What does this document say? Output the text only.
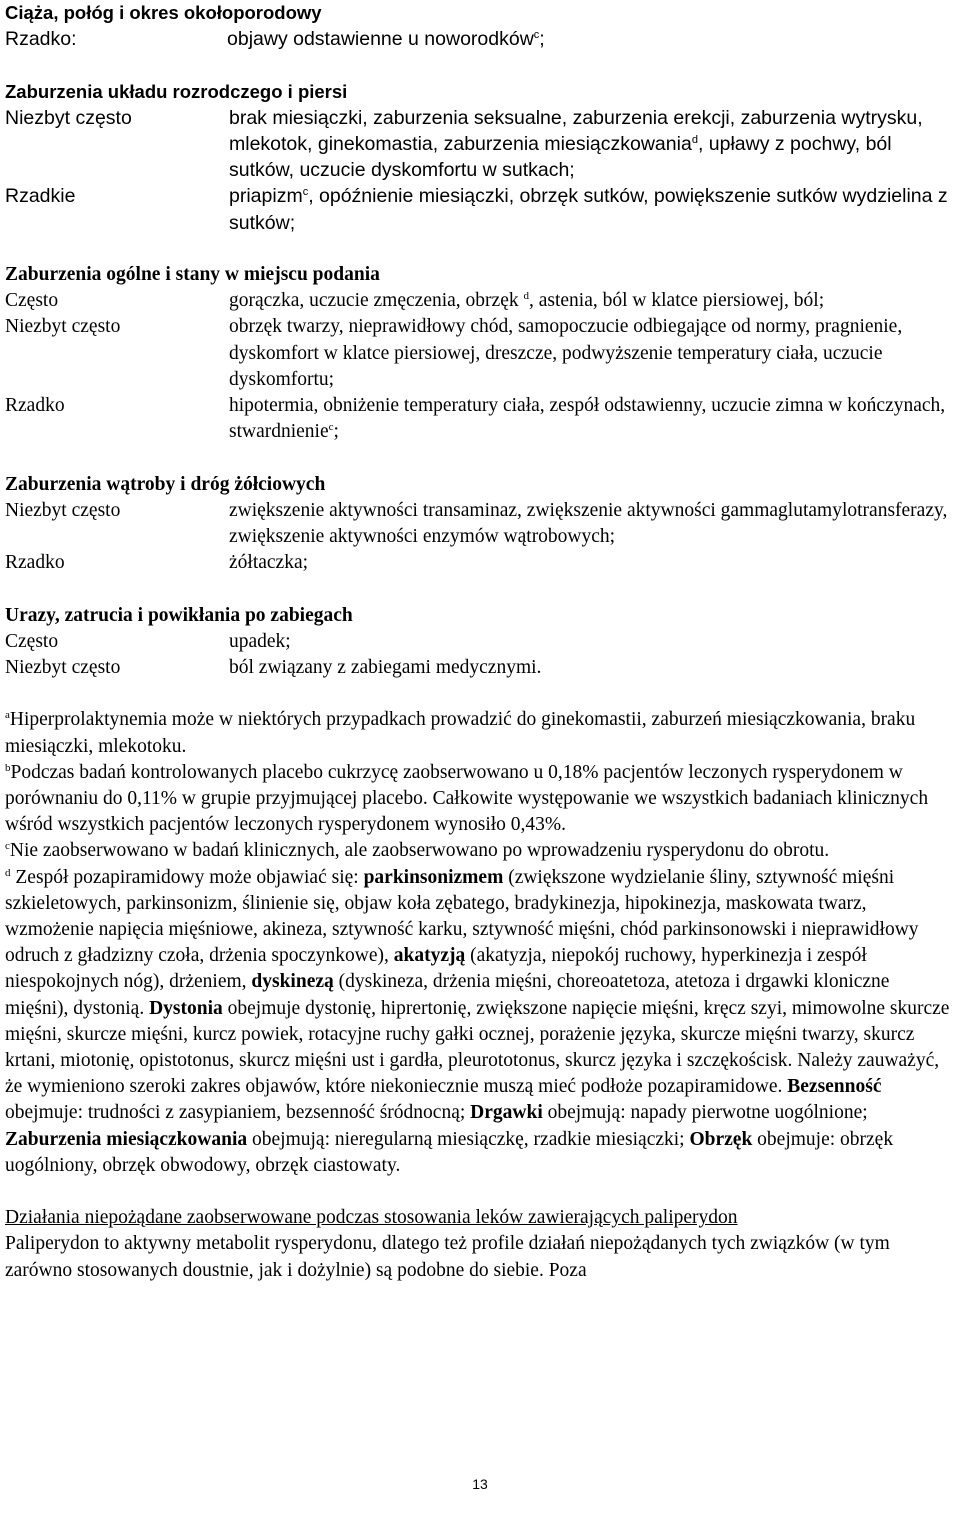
Ciąża, połóg i okres okołoporodowy
Rzadko:	objawy odstawienne u noworodków$^c$;
Zaburzenia układu rozrodczego i piersi
Niezbyt często	brak miesiączki, zaburzenia seksualne, zaburzenia erekcji, zaburzenia wytrysku, mlekotok, ginekomastia, zaburzenia miesiączkowania$^d$, upławy z pochwy, ból sutków, uczucie dyskomfortu w sutkach;
Rzadkie	priapizm$^c$, opóźnienie miesiączki, obrzęk sutków, powiększenie sutków wydzielina z sutków;
Zaburzenia ogólne i stany w miejscu podania
Często	gorączka, uczucie zmęczenia, obrzęk $^d$, astenia, ból w klatce piersiowej, ból;
Niezbyt często	obrzęk twarzy, nieprawidłowy chód, samopoczucie odbiegające od normy, pragnienie, dyskomfort w klatce piersiowej, dreszcze, podwyższenie temperatury ciała, uczucie dyskomfortu;
Rzadko	hipotermia, obniżenie temperatury ciała, zespół odstawienny, uczucie zimna w kończynach, stwardnienie$^c$;
Zaburzenia wątroby i dróg żółciowych
Niezbyt często	zwiększenie aktywności transaminaz, zwiększenie aktywności gammaglutamylotransferazy, zwiększenie aktywności enzymów wątrobowych;
Rzadko	żółtaczka;
Urazy, zatrucia i powikłania po zabiegach
Często	upadek;
Niezbyt często	ból związany z zabiegami medycznymi.

$^a$Hiperprolaktynemia może w niektórych przypadkach prowadzić do ginekomastii, zaburzeń miesiączkowania, braku miesiączki, mlekotoku.

$^b$Podczas badań kontrolowanych placebo cukrzycę zaobserwowano u 0,18% pacjentów leczonych rysperydonem w porównaniu do 0,11% w grupie przyjmującej placebo. Całkowite występowanie we wszystkich badaniach klinicznych wśród wszystkich pacjentów leczonych rysperydonem wynosiło 0,43%.

$^c$Nie zaobserwowano w badań klinicznych, ale zaobserwowano po wprowadzeniu rysperydonu do obrotu.

$^d$ Zespół pozapiramidowy może objawiać się: parkinsonizmem (zwiększone wydzielanie śliny, sztywność mięśni szkieletowych, parkinsonizm, ślinienie się, objaw koła zębatego, bradykinezja, hipokinezja, maskowata twarz, wzmożenie napięcia mięśniowe, akineza, sztywność karku, sztywność mięśni, chód parkinsonowski i nieprawidłowy odruch z gładzizny czoła, drżenia spoczynkowe), akatyzją (akatyzja, niepokój ruchowy, hyperkinezja i zespół niespokojnych nóg), drżeniem, dyskinezą (dyskineza, drżenia mięśni, choreoatetoza, atetoza i drgawki kloniczne mięśni), dystonią. Dystonia obejmuje dystonię, hiprertonię, zwiększone napięcie mięśni, kręcz szyi, mimowolne skurcze mięśni, skurcze mięśni, kurcz powiek, rotacyjne ruchy gałki ocznej, porażenie języka, skurcze mięśni twarzy, skurcz krtani, miotonię, opistotonus, skurcz mięśni ust i gardła, pleurototonus, skurcz języka i szczękościsk. Należy zauważyć, że wymieniono szeroki zakres objawów, które niekoniecznie muszą mieć podłoże pozapiramidowe. Bezsenność obejmuje: trudności z zasypianiem, bezsenność śródnocną; Drgawki obejmują: napady pierwotne uogólnione; Zaburzenia miesiączkowania obejmują: nieregularną miesiączkę, rzadkie miesiączki; Obrzęk obejmuje: obrzęk uogólniony, obrzęk obwodowy, obrzęk ciastowaty.

Działania niepożądane zaobserwowane podczas stosowania leków zawierających paliperydon
Paliperydon to aktywny metabolit rysperydonu, dlatego też profile działań niepożądanych tych związków (w tym zarówno stosowanych doustnie, jak i dożylnie) są podobne do siebie. Poza
13
